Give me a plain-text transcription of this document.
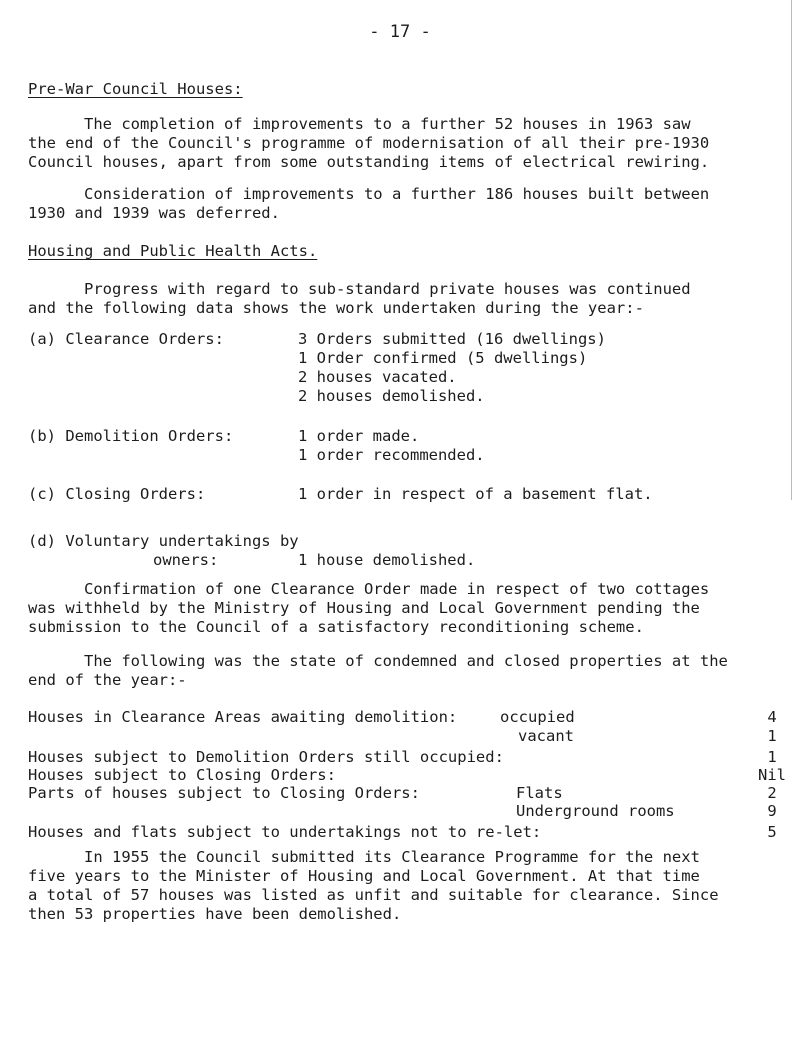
- 17 -
Pre-War Council Houses:
The completion of improvements to a further 52 houses in 1963 saw
the end of the Council's programme of modernisation of all their pre-1930
Council houses, apart from some outstanding items of electrical rewiring.
Consideration of improvements to a further 186 houses built between
1930 and 1939 was deferred.
Housing and Public Health Acts.
Progress with regard to sub-standard private houses was continued
and the following data shows the work undertaken during the year:-
(a) Clearance Orders:	3 Orders submitted (16 dwellings)
1 Order confirmed (5 dwellings)
2 houses vacated.
2 houses demolished.
(b) Demolition Orders:	1 order made.
1 order recommended.
(c) Closing Orders:	1 order in respect of a basement flat.
(d) Voluntary undertakings by
owners:
	1 house demolished.
Confirmation of one Clearance Order made in respect of two cottages
was withheld by the Ministry of Housing and Local Government pending the
submission to the Council of a satisfactory reconditioning scheme.
The following was the state of condemned and closed properties at the
end of the year:-
Houses in Clearance Areas awaiting demolition:	occupied	4
vacant	1
Houses subject to Demolition Orders still occupied:	1
Houses subject to Closing Orders:	Nil
Parts of houses subject to Closing Orders:	Flats	2
Underground rooms	9
Houses and flats subject to undertakings not to re-let:	5
In 1955 the Council submitted its Clearance Programme for the next
five years to the Minister of Housing and Local Government. At that time
a total of 57 houses was listed as unfit and suitable for clearance. Since
then 53 properties have been demolished.
